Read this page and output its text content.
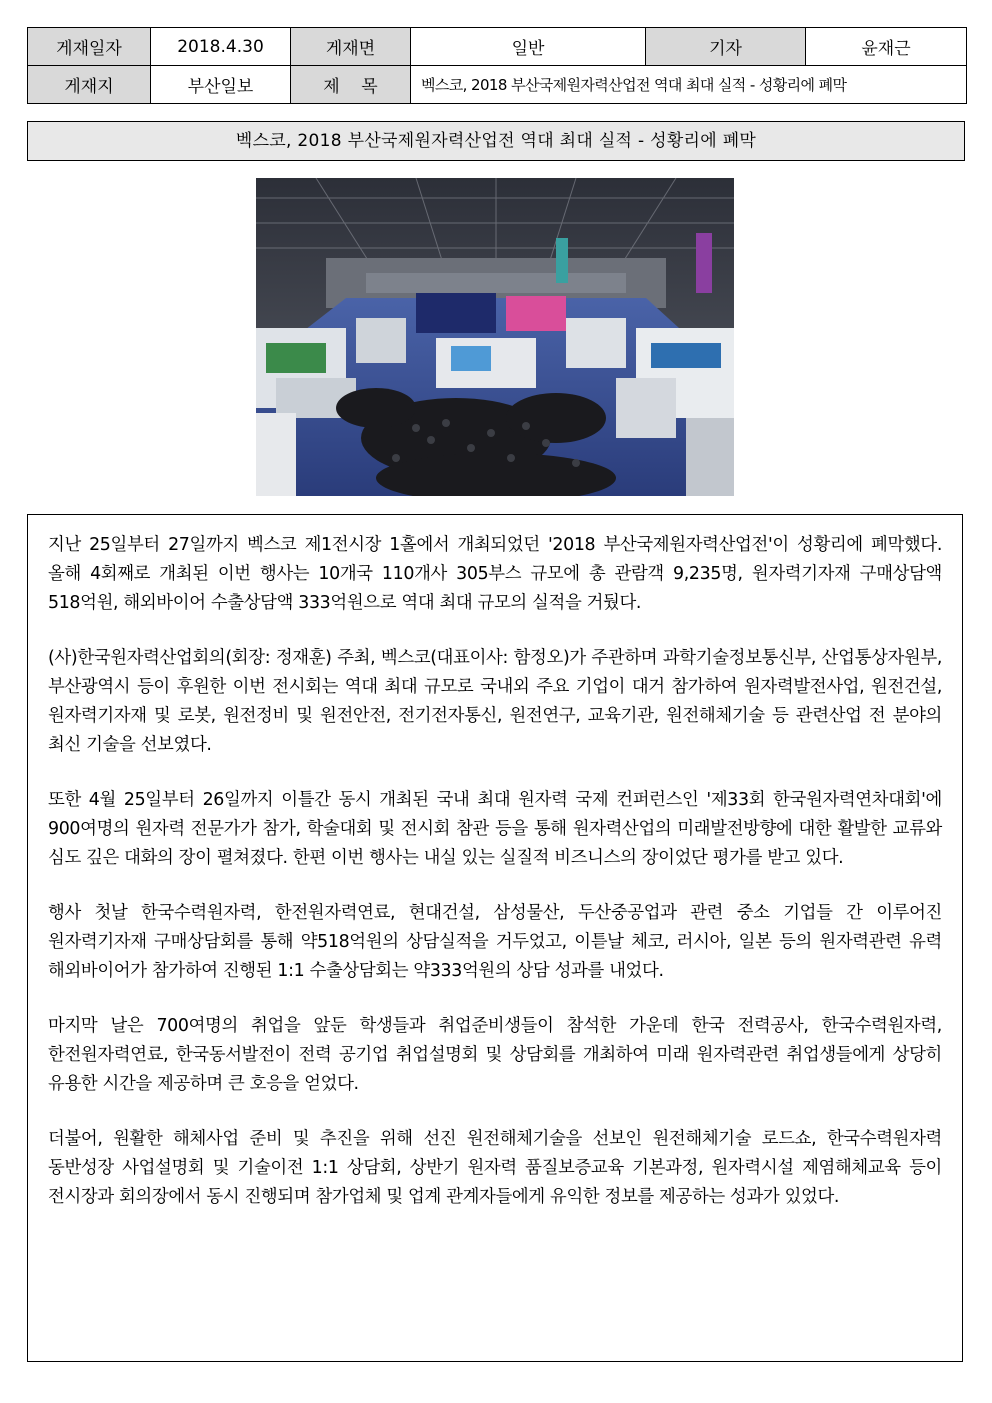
게재일자	2018.4.30	게재면	일반	기자	윤재근
게재지	부산일보	제    목	벡스코, 2018 부산국제원자력산업전 역대 최대 실적 - 성황리에 폐막		
벡스코, 2018 부산국제원자력산업전 역대 최대 실적 - 성황리에 폐막

지난 25일부터 27일까지 벡스코 제1전시장 1홀에서 개최되었던 '2018 부산국제원자력산업전'이 성황리에 폐막했다. 올해 4회째로 개최된 이번 행사는 10개국 110개사 305부스 규모에 총 관람객 9,235명, 원자력기자재 구매상담액 518억원, 해외바이어 수출상담액 333억원으로 역대 최대 규모의 실적을 거뒀다.

(사)한국원자력산업회의(회장: 정재훈) 주최, 벡스코(대표이사: 함정오)가 주관하며 과학기술정보통신부, 산업통상자원부, 부산광역시 등이 후원한 이번 전시회는 역대 최대 규모로 국내외 주요 기업이 대거 참가하여 원자력발전사업, 원전건설, 원자력기자재 및 로봇, 원전정비 및 원전안전, 전기전자통신, 원전연구, 교육기관, 원전해체기술 등 관련산업 전 분야의 최신 기술을 선보였다.

또한 4월 25일부터 26일까지 이틀간 동시 개최된 국내 최대 원자력 국제 컨퍼런스인 '제33회 한국원자력연차대회'에 900여명의 원자력 전문가가 참가, 학술대회 및 전시회 참관 등을 통해 원자력산업의 미래발전방향에 대한 활발한 교류와 심도 깊은 대화의 장이 펼쳐졌다. 한편 이번 행사는 내실 있는 실질적 비즈니스의 장이었단 평가를 받고 있다.

행사 첫날 한국수력원자력, 한전원자력연료, 현대건설, 삼성물산, 두산중공업과 관련 중소 기업들 간 이루어진 원자력기자재 구매상담회를 통해 약518억원의 상담실적을 거두었고, 이튿날 체코, 러시아, 일본 등의 원자력관련 유력 해외바이어가 참가하여 진행된 1:1 수출상담회는 약333억원의 상담 성과를 내었다.

마지막 날은 700여명의 취업을 앞둔 학생들과 취업준비생들이 참석한 가운데 한국 전력공사, 한국수력원자력, 한전원자력연료, 한국동서발전이 전력 공기업 취업설명회 및 상담회를 개최하여 미래 원자력관련 취업생들에게 상당히 유용한 시간을 제공하며 큰 호응을 얻었다.

더불어, 원활한 해체사업 준비 및 추진을 위해 선진 원전해체기술을 선보인 원전해체기술 로드쇼, 한국수력원자력 동반성장 사업설명회 및 기술이전 1:1 상담회, 상반기 원자력 품질보증교육 기본과정, 원자력시설 제염해체교육 등이 전시장과 회의장에서 동시 진행되며 참가업체 및 업계 관계자들에게 유익한 정보를 제공하는 성과가 있었다.
